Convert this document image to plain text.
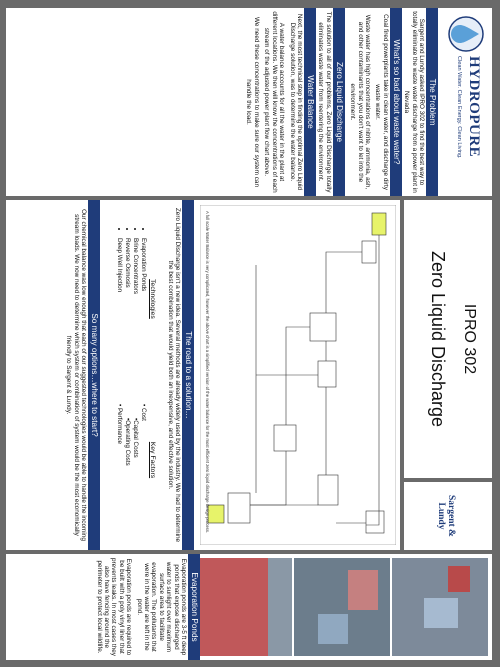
HYDROPURE
Clean Water. Clean Energy. Clean Living.
The Problem
Sargent and Lundy asked IPRO 302 to find the best way to totally eliminate the waste water discharge from a power plant in Nevada
What's so bad about waste water?

Coal fired powerplants take in clean water, and discharge dirty waste water.

Waste water has high concentrations of nitrite, ammonia, ash, and other contaminants that you don't want to let into the environment.

Zero Liquid Discharge
The solution to all of our problems, Zero Liquid Discharge totally eliminates waste water from reentering the environment.
Water Balance

Next, the most technical step in finding the optimal Zero Liquid Discharge solution, was to determine the water balance.

A water balance accounts for all the water in the plant at different locations. We then will know the concentrations of each stream of the adjusted power plant flow chart above.

We need these concentrations to make sure our system can handle the load.

IPRO 302
Zero Liquid Discharge
Sargent & Lundy
A full scale Water Balance is very complicated, however the above chart is a simplified version of the water balance for the most efficient zero liquid discharge design process.
The road to a solution…
Zero Liquid Discharge isn't a new idea. Several methods are already widely used by the industry. We had to determine the best combination that would yield both an inexpensive, and effective solution.
Technologies
• Evaporation Ponds
• Brine Concentrators
• Reverse Osmosis
• Deep Well Injection
Key Factors
• Cost
•Capital Costs
•Operating Costs
• Performance
So many options…where to start?
Our chemical balance was low enough that each of our suggested technologies would be able to handle the incoming stream loads. We now need to determine which system or combination of system would be the most economically friendly to Sargent & Lundy.
Evaporation Ponds

Evaporation ponds are 3-5 ft deep ponds that expose discharged water to sunlight over maximum surface area to facilitate evaporation. The pollutants that were in the water are left in the pond.

Evaporation ponds are required to be built with a poly vinyl liner that prevents leaks. In most cases they also have fencing around the perimeter to protect local wildlife.
